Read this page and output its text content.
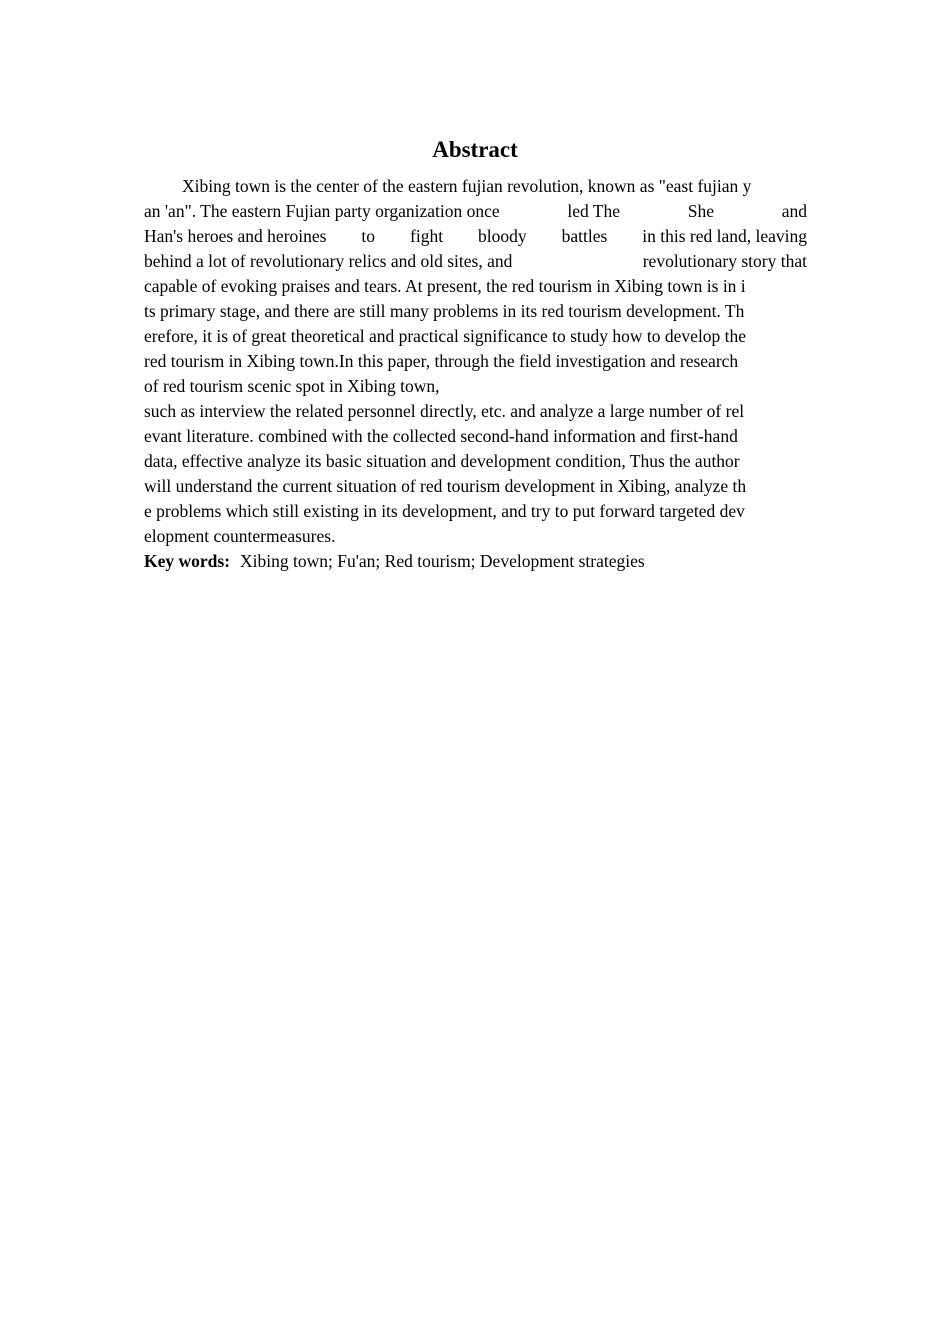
Abstract
Xibing town is the center of the eastern fujian revolution, known as "east fujian y
an 'an". The eastern Fujian party organization once	led The	She	and
Han's heroes and heroines to fight bloody battles in this red land, leaving
behind a lot of revolutionary relics and old sites, and	revolutionary story that
capable of evoking praises and tears. At present, the red tourism in Xibing town is in i
ts primary stage, and there are still many problems in its red tourism development. Th
erefore, it is of great theoretical and practical significance to study how to develop the
red tourism in Xibing town.In this paper, through the field investigation and research
of red tourism scenic spot in Xibing town,
such as interview the related personnel directly, etc. and analyze a large number of rel
evant literature. combined with the collected second-hand information and first-hand
data, effective analyze its basic situation and development condition, Thus the author
will understand the current situation of red tourism development in Xibing, analyze th
e problems which still existing in its development, and try to put forward targeted dev
elopment countermeasures.
Key words: Xibing town; Fu'an; Red tourism; Development strategies
